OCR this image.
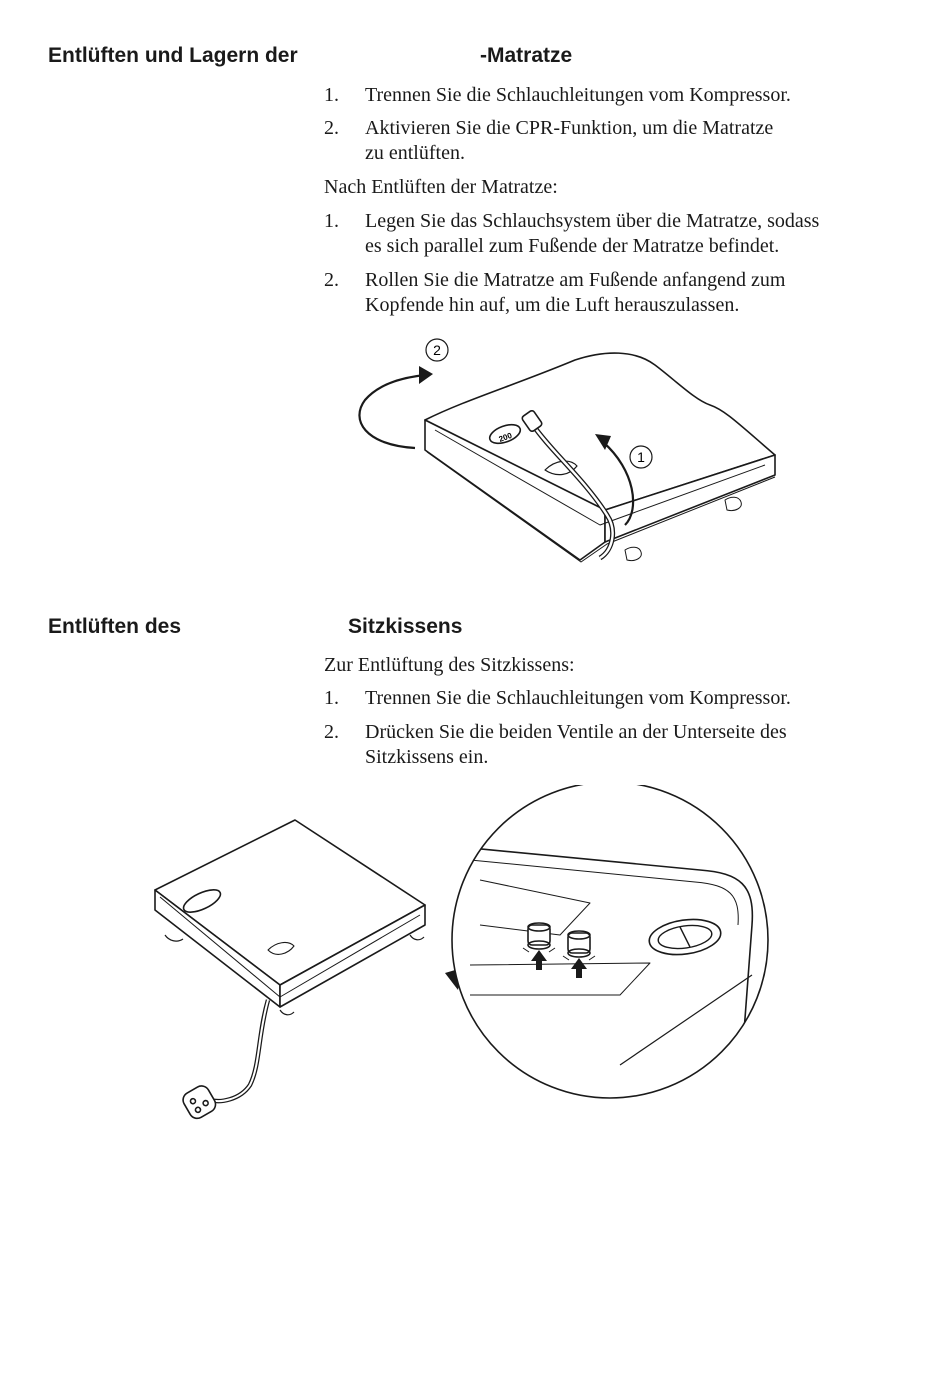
Entlüften und Lagern der	-Matratze
1. Trennen Sie die Schlauchleitungen vom Kompressor.
2. Aktivieren Sie die CPR-Funktion, um die Matratze
zu entlüften.
Nach Entlüften der Matratze:
1. Legen Sie das Schlauchsystem über die Matratze, sodass
es sich parallel zum Fußende der Matratze befindet.
2. Rollen Sie die Matratze am Fußende anfangend zum
Kopfende hin auf, um die Luft herauszulassen.
1
2
200
Entlüften des	Sitzkissens
Zur Entlüftung des Sitzkissens:
1. Trennen Sie die Schlauchleitungen vom Kompressor.
2. Drücken Sie die beiden Ventile an der Unterseite des
Sitzkissens ein.
